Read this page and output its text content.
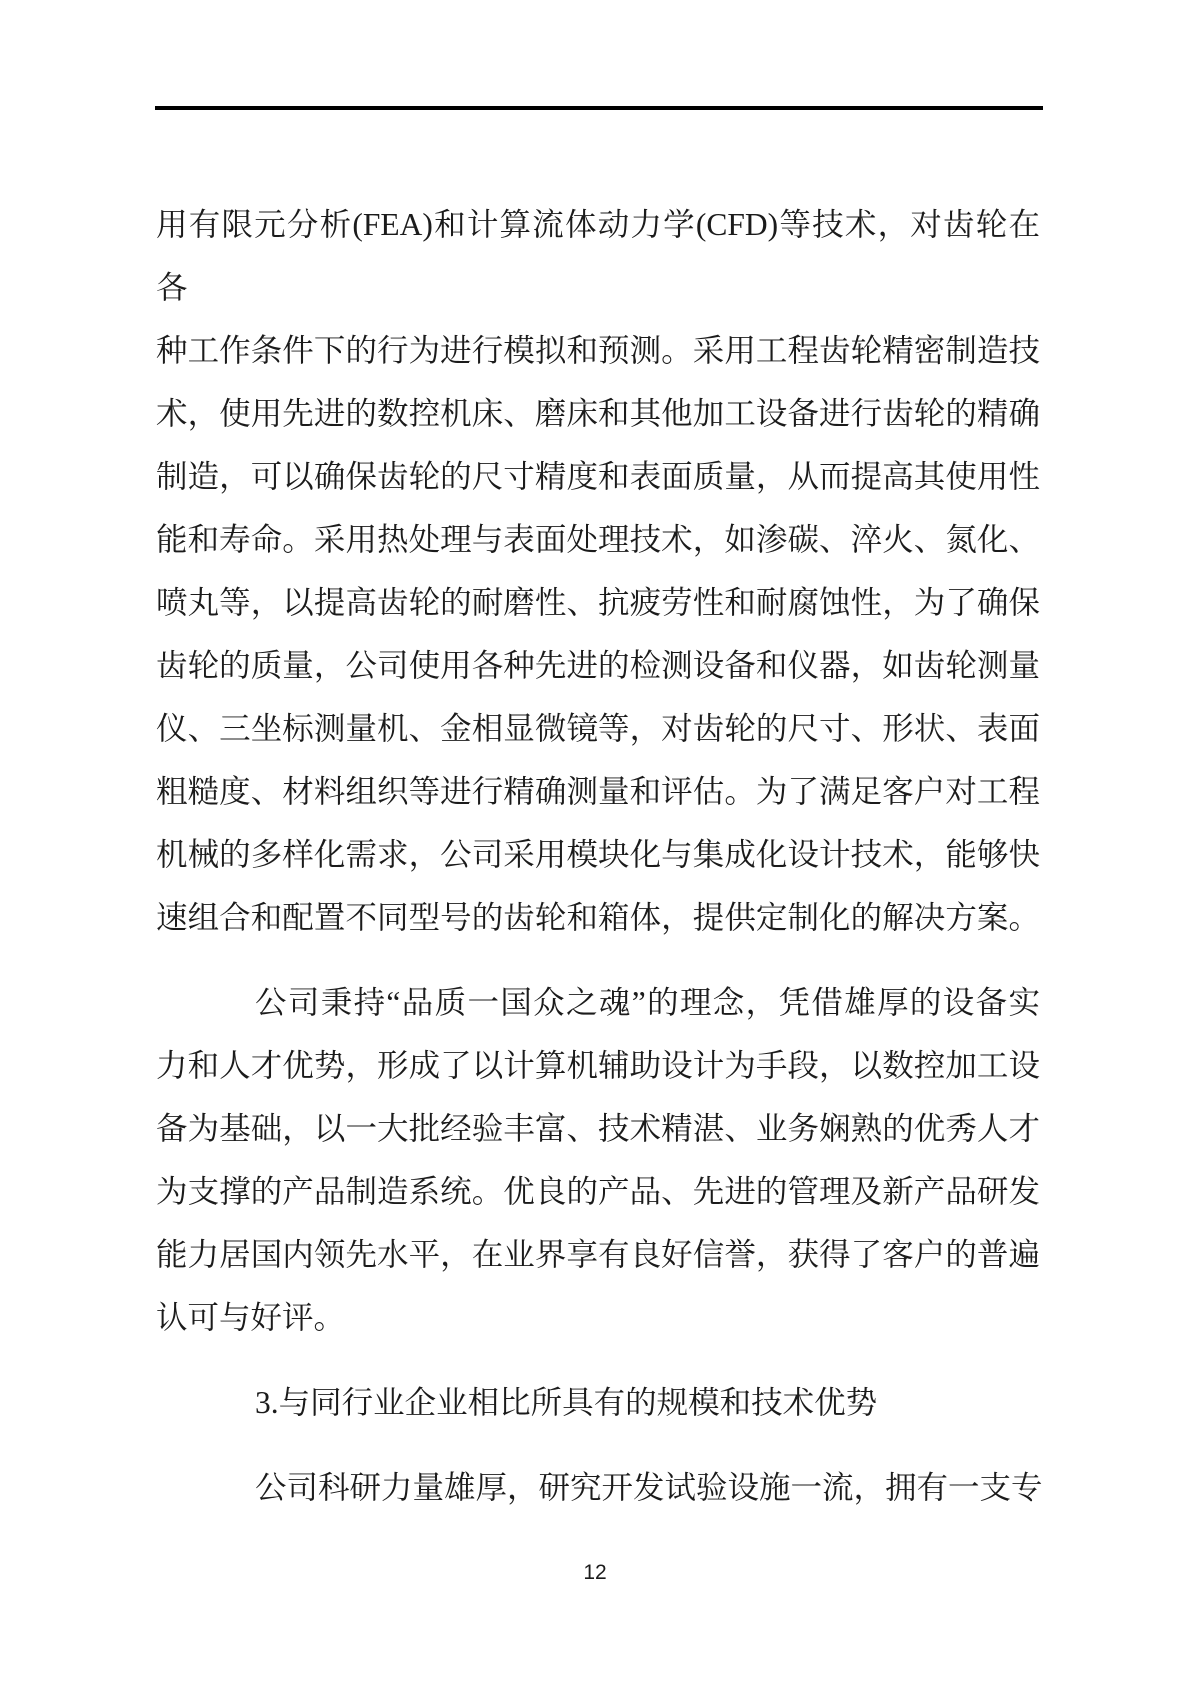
用有限元分析(FEA)和计算流体动力学(CFD)等技术，对齿轮在各
种工作条件下的行为进行模拟和预测。采用工程齿轮精密制造技
术，使用先进的数控机床、磨床和其他加工设备进行齿轮的精确
制造，可以确保齿轮的尺寸精度和表面质量，从而提高其使用性
能和寿命。采用热处理与表面处理技术，如渗碳、淬火、氮化、
喷丸等，以提高齿轮的耐磨性、抗疲劳性和耐腐蚀性，为了确保
齿轮的质量，公司使用各种先进的检测设备和仪器，如齿轮测量
仪、三坐标测量机、金相显微镜等，对齿轮的尺寸、形状、表面
粗糙度、材料组织等进行精确测量和评估。为了满足客户对工程
机械的多样化需求，公司采用模块化与集成化设计技术，能够快
速组合和配置不同型号的齿轮和箱体，提供定制化的解决方案。
公司秉持“品质一国众之魂”的理念，凭借雄厚的设备实
力和人才优势，形成了以计算机辅助设计为手段，以数控加工设
备为基础，以一大批经验丰富、技术精湛、业务娴熟的优秀人才
为支撑的产品制造系统。优良的产品、先进的管理及新产品研发
能力居国内领先水平，在业界享有良好信誉，获得了客户的普遍
认可与好评。
3.与同行业企业相比所具有的规模和技术优势
公司科研力量雄厚，研究开发试验设施一流，拥有一支专
12
